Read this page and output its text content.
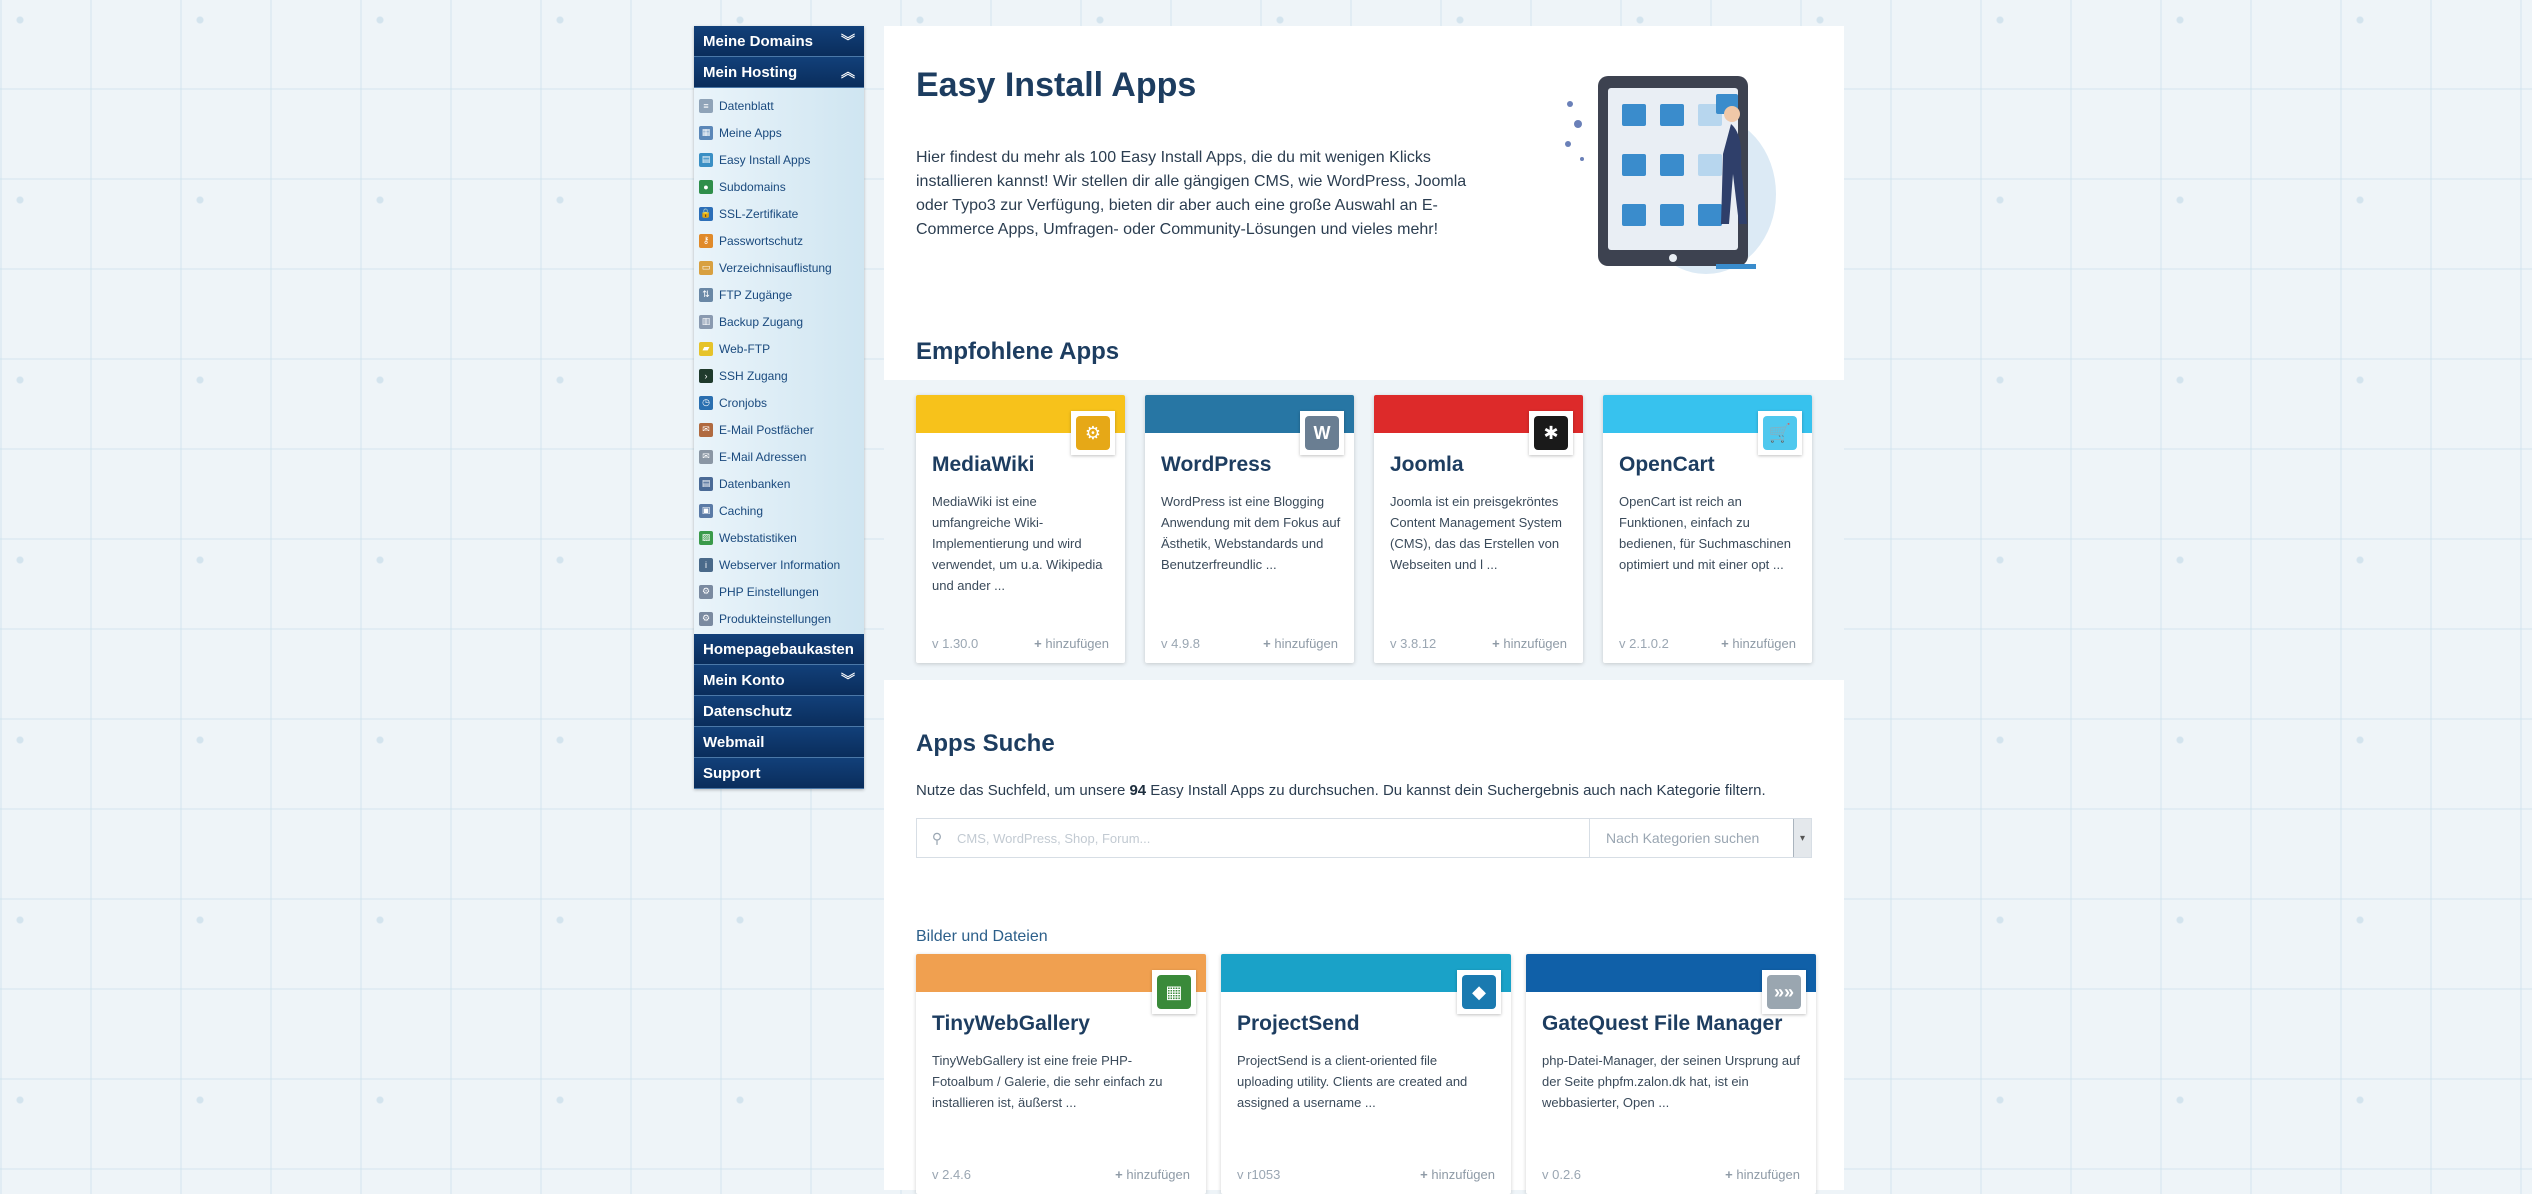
Meine Domains ︾
Mein Hosting	︽
≡ Datenblatt
▦ Meine Apps
▤ Easy Install Apps
● Subdomains
🔒 SSL-Zertifikate
⚷ Passwortschutz
▭ Verzeichnisauflistung
⇅ FTP Zugänge
▥ Backup Zugang
▰ Web-FTP
› SSH Zugang
◷ Cronjobs
✉ E-Mail Postfächer
✉ E-Mail Adressen
▤ Datenbanken
▣ Caching
▨ Webstatistiken
i	Webserver Information
⚙ PHP Einstellungen
⚙ Produkteinstellungen
Homepagebaukasten
Mein Konto	︾
Datenschutz
Webmail
Support
Easy Install Apps

Hier findest du mehr als 100 Easy Install Apps, die du mit wenigen Klicks installieren kannst! Wir stellen dir alle gängigen CMS, wie WordPress, Joomla oder Typo3 zur Verfügung, bieten dir aber auch eine große Auswahl an E-Commerce Apps, Umfragen- oder Community-Lösungen und vieles mehr!

Empfohlene Apps
⚙
MediaWiki
MediaWiki ist eine umfangreiche Wiki-Implementierung und wird verwendet, um u.a. Wikipedia und ander ...
v 1.30.0	+ hinzufügen
W
WordPress
WordPress ist eine Blogging Anwendung mit dem Fokus auf Ästhetik, Webstandards und Benutzerfreundlic ...
v 4.9.8	+ hinzufügen
✱
Joomla
Joomla ist ein preisgekröntes Content Management System (CMS), das das Erstellen von Webseiten und l ...
v 3.8.12	+ hinzufügen
🛒
OpenCart
OpenCart ist reich an Funktionen, einfach zu bedienen, für Suchmaschinen optimiert und mit einer opt ...
v 2.1.0.2	+ hinzufügen
Apps Suche
Nutze das Suchfeld, um unsere 94 Easy Install Apps zu durchsuchen. Du kannst dein Suchergebnis auch nach Kategorie filtern.
⚲
CMS, WordPress, Shop, Forum...	Nach Kategorien suchen	▾
Bilder und Dateien
▦
TinyWebGallery
TinyWebGallery ist eine freie PHP-Fotoalbum / Galerie, die sehr einfach zu installieren ist, äußerst ...
v 2.4.6	+ hinzufügen
◆
ProjectSend
ProjectSend is a client-oriented file uploading utility. Clients are created and assigned a username ...
v r1053	+ hinzufügen
»»
GateQuest File Manager
php-Datei-Manager, der seinen Ursprung auf der Seite phpfm.zalon.dk hat, ist ein webbasierter, Open ...
v 0.2.6	+ hinzufügen
